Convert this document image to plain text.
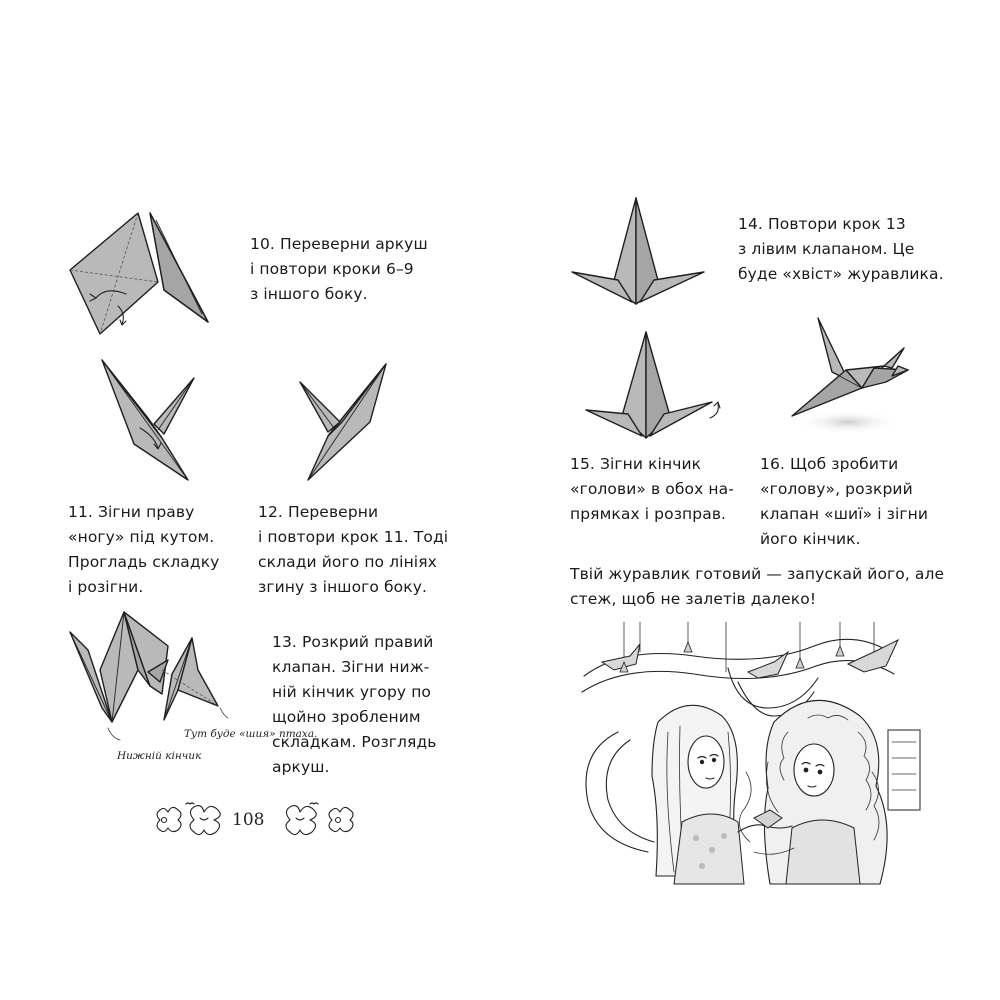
10. Переверни аркуш
і повтори кроки 6–9
з іншого боку.
11. Зігни праву
«ногу» під кутом.
Прогладь складку
і розігни.
12. Переверни
і повтори крок 11. Тоді
склади його по лініях
згину з іншого боку.
Тут буде «шия» птаха.
Нижній кінчик
13. Розкрий правий
клапан. Зігни ниж-
ній кінчик угору по
щойно зробленим
складкам. Розглядь
аркуш.
108
14. Повтори крок 13
з лівим клапаном. Це
буде «хвіст» журавлика.
15. Зігни кінчик
«голови» в обох на-
прямках і розправ.
16. Щоб зробити
«голову», розкрий
клапан «шиї» і зігни
його кінчик.
Твій журавлик готовий — запускай його, але
стеж, щоб не залетів далеко!
